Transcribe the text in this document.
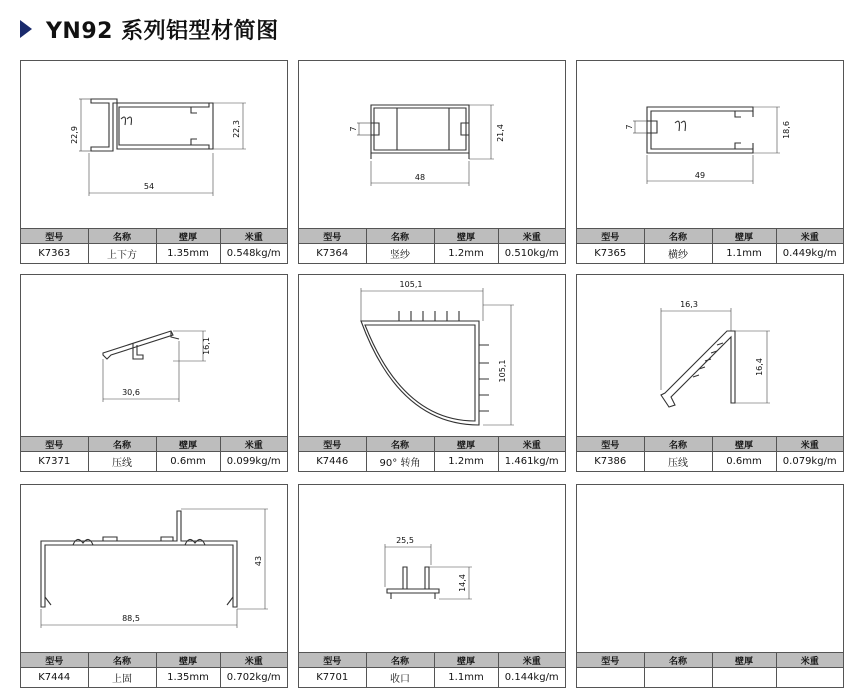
YN92 系列铝型材简图
22,9	22,3
54
型号	名称	壁厚	米重
K7363	上下方	1.35mm	0.548kg/m
7	21,4
48
型号	名称	壁厚	米重
K7364	竖纱	1.2mm	0.510kg/m
7	18,6
49
型号	名称	壁厚	米重
K7365	横纱	1.1mm	0.449kg/m
16,1
30,6
型号	名称	壁厚	米重
K7371	压线	0.6mm	0.099kg/m
105,1
105,1
型号	名称	壁厚	米重
K7446	90° 转角	1.2mm	1.461kg/m
16,3
16,4
型号	名称	壁厚	米重
K7386	压线	0.6mm	0.079kg/m
43
88,5
型号	名称	壁厚	米重
K7444	上固	1.35mm	0.702kg/m
25,5
14,4
型号	名称	壁厚	米重
K7701	收口	1.1mm	0.144kg/m
型号	名称	壁厚	米重
